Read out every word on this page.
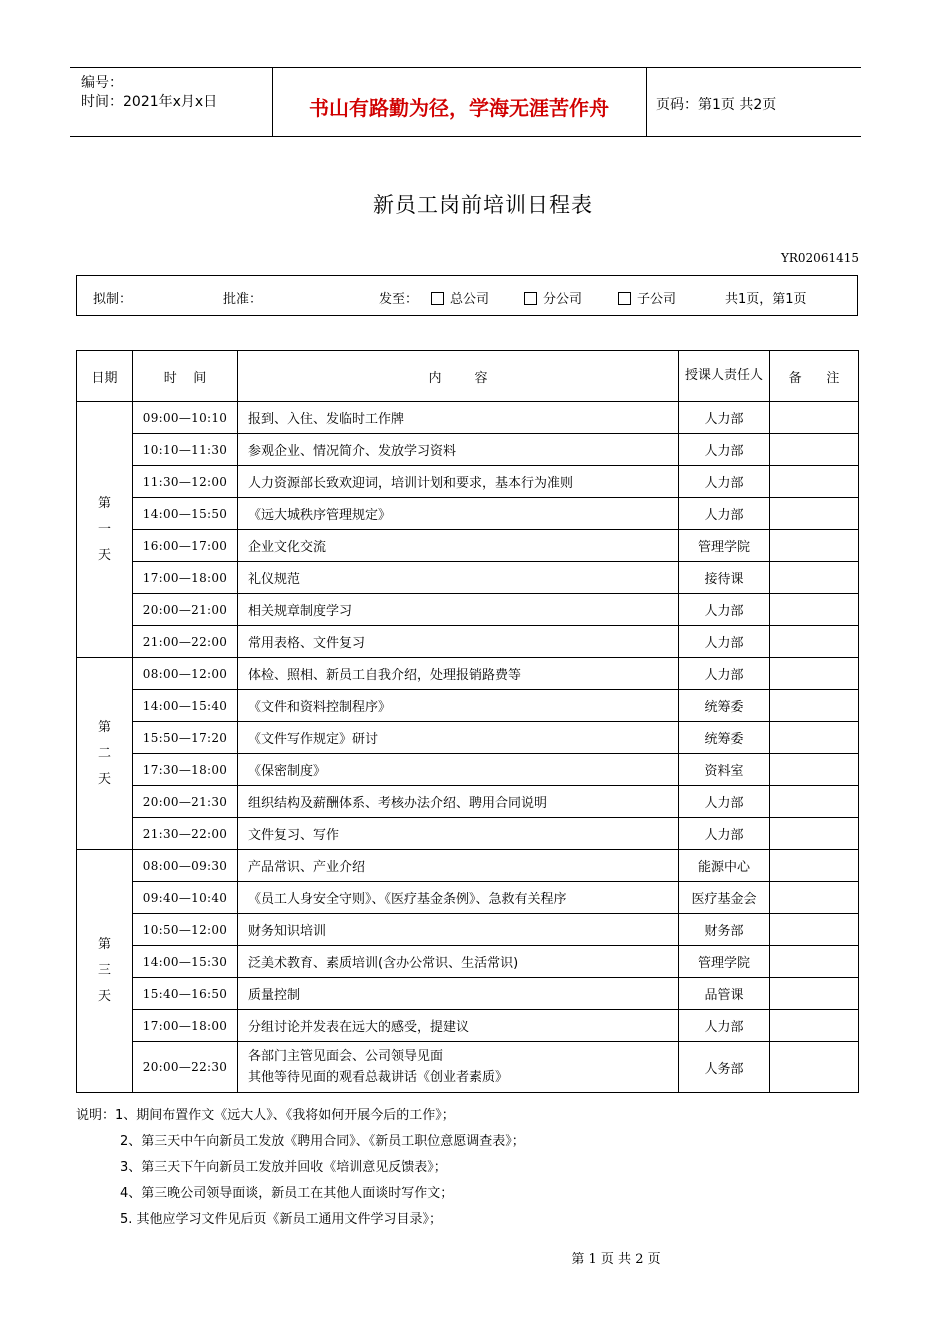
编号：
时间：2021年x月x日	书山有路勤为径，学海无涯苦作舟	页码：第1页 共2页
新员工岗前培训日程表
YR02061415
拟制：	批准：	发至：	总公司	分公司	子公司	共1页，第1页
日期	时    间	内        容	授课人责任人	备      注

第
一
天	09:00—10:10	报到、入住、发临时工作牌	人力部	
	10:10—11:30	参观企业、情况简介、发放学习资料	人力部	
	11:30—12:00	人力资源部长致欢迎词，培训计划和要求，基本行为准则	人力部	
	14:00—15:50	《远大城秩序管理规定》	人力部	
	16:00—17:00	企业文化交流	管理学院	
	17:00—18:00	礼仪规范	接待课	
	20:00—21:00	相关规章制度学习	人力部	
	21:00—22:00	常用表格、文件复习	人力部	

第
二
天	08:00—12:00	体检、照相、新员工自我介绍，处理报销路费等	人力部	
	14:00—15:40	《文件和资料控制程序》	统筹委	
	15:50—17:20	《文件写作规定》研讨	统筹委	
	17:30—18:00	《保密制度》	资料室	
	20:00—21:30	组织结构及薪酬体系、考核办法介绍、聘用合同说明	人力部	
	21:30—22:00	文件复习、写作	人力部	

第
三
天	08:00—09:30	产品常识、产业介绍	能源中心	
	09:40—10:40	《员工人身安全守则》、《医疗基金条例》、急救有关程序	医疗基金会	
	10:50—12:00	财务知识培训	财务部	
	14:00—15:30	泛美术教育、素质培训(含办公常识、生活常识)	管理学院	
	15:40—16:50	质量控制	品管课	
	17:00—18:00	分组讨论并发表在远大的感受，提建议	人力部	
	20:00—22:30	各部门主管见面会、公司领导见面
其他等待见面的观看总裁讲话《创业者素质》	人务部	
说明：1、期间布置作文《远大人》、《我将如何开展今后的工作》；
2、第三天中午向新员工发放《聘用合同》、《新员工职位意愿调查表》；
3、第三天下午向新员工发放并回收《培训意见反馈表》；
4、第三晚公司领导面谈，新员工在其他人面谈时写作文；
5. 其他应学习文件见后页《新员工通用文件学习目录》；
第 1 页 共 2 页
